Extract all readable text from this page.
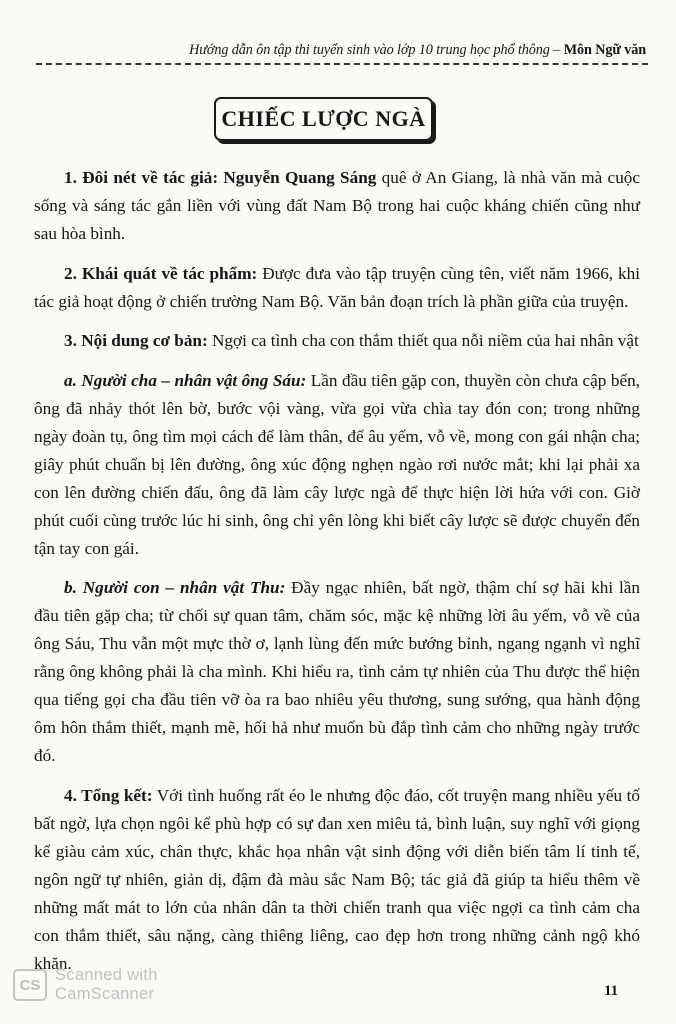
Hướng dẫn ôn tập thi tuyển sinh vào lớp 10 trung học phổ thông – Môn Ngữ văn
CHIẾC LƯỢC NGÀ

1. Đôi nét về tác giả: Nguyễn Quang Sáng quê ở An Giang, là nhà văn mà cuộc sống và sáng tác gắn liền với vùng đất Nam Bộ trong hai cuộc kháng chiến cũng như sau hòa bình.

2. Khái quát về tác phẩm: Được đưa vào tập truyện cùng tên, viết năm 1966, khi tác giả hoạt động ở chiến trường Nam Bộ. Văn bản đoạn trích là phần giữa của truyện.

3. Nội dung cơ bản: Ngợi ca tình cha con thắm thiết qua nỗi niềm của hai nhân vật

a. Người cha – nhân vật ông Sáu: Lần đầu tiên gặp con, thuyền còn chưa cập bến, ông đã nhảy thót lên bờ, bước vội vàng, vừa gọi vừa chìa tay đón con; trong những ngày đoàn tụ, ông tìm mọi cách để làm thân, để âu yếm, vỗ về, mong con gái nhận cha; giây phút chuẩn bị lên đường, ông xúc động nghẹn ngào rơi nước mắt; khi lại phải xa con lên đường chiến đấu, ông đã làm cây lược ngà để thực hiện lời hứa với con. Giờ phút cuối cùng trước lúc hi sinh, ông chỉ yên lòng khi biết cây lược sẽ được chuyển đến tận tay con gái.

b. Người con – nhân vật Thu: Đầy ngạc nhiên, bất ngờ, thậm chí sợ hãi khi lần đầu tiên gặp cha; từ chối sự quan tâm, chăm sóc, mặc kệ những lời âu yếm, vỗ về của ông Sáu, Thu vẫn một mực thờ ơ, lạnh lùng đến mức bướng bỉnh, ngang ngạnh vì nghĩ rằng ông không phải là cha mình. Khi hiểu ra, tình cảm tự nhiên của Thu được thể hiện qua tiếng gọi cha đầu tiên vỡ òa ra bao nhiêu yêu thương, sung sướng, qua hành động ôm hôn thắm thiết, mạnh mẽ, hối hả như muốn bù đắp tình cảm cho những ngày trước đó.

4. Tổng kết: Với tình huống rất éo le nhưng độc đáo, cốt truyện mang nhiều yếu tố bất ngờ, lựa chọn ngôi kể phù hợp có sự đan xen miêu tả, bình luận, suy nghĩ với giọng kể giàu cảm xúc, chân thực, khắc họa nhân vật sinh động với diễn biến tâm lí tinh tế, ngôn ngữ tự nhiên, giản dị, đậm đà màu sắc Nam Bộ; tác giả đã giúp ta hiểu thêm về những mất mát to lớn của nhân dân ta thời chiến tranh qua việc ngợi ca tình cảm cha con thắm thiết, sâu nặng, càng thiêng liêng, cao đẹp hơn trong những cảnh ngộ khó khăn.

CS
Scanned with
CamScanner	11
